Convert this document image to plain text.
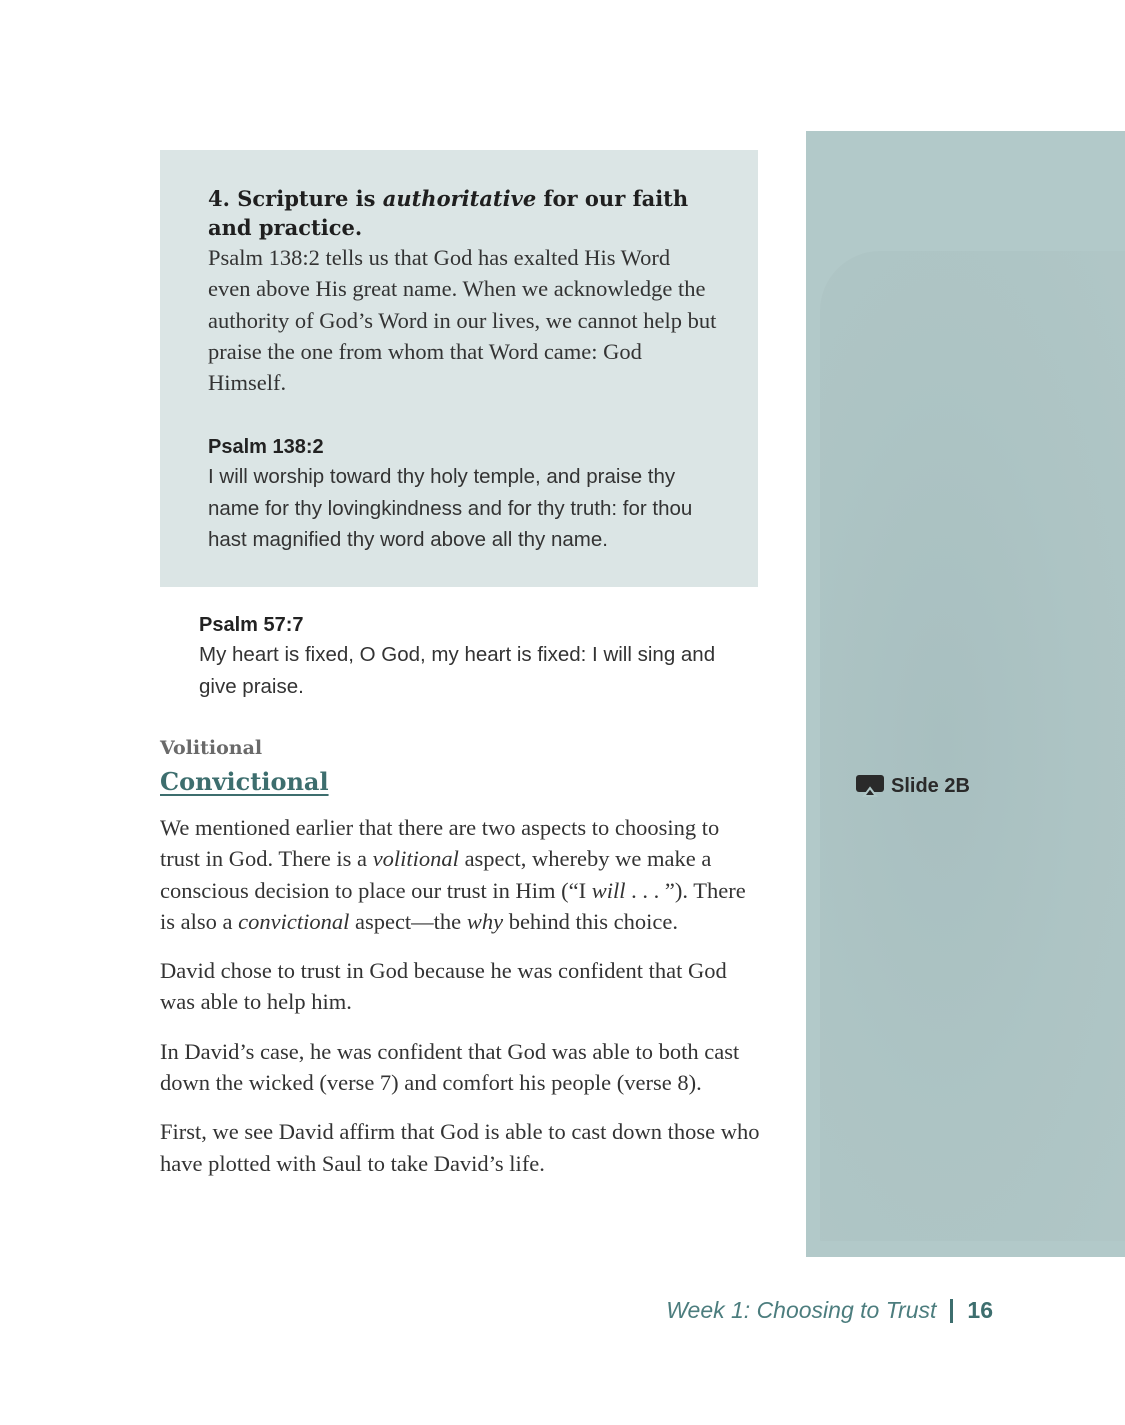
4. Scripture is authoritative for our faith and practice.

Psalm 138:2 tells us that God has exalted His Word even above His great name. When we acknowledge the authority of God’s Word in our lives, we cannot help but praise the one from whom that Word came: God Himself.

Psalm 138:2

I will worship toward thy holy temple, and praise thy name for thy lovingkindness and for thy truth: for thou hast magnified thy word above all thy name.

Psalm 57:7

My heart is fixed, O God, my heart is fixed: I will sing and give praise.

Volitional
Convictional

We mentioned earlier that there are two aspects to choosing to trust in God. There is a volitional aspect, whereby we make a conscious decision to place our trust in Him (“I will . . . ”). There is also a convictional aspect—the why behind this choice.

David chose to trust in God because he was confident that God was able to help him.

In David’s case, he was confident that God was able to both cast down the wicked (verse 7) and comfort his people (verse 8).

First, we see David affirm that God is able to cast down those who have plotted with Saul to take David’s life.

Slide 2B
Week 1: Choosing to Trust 16
